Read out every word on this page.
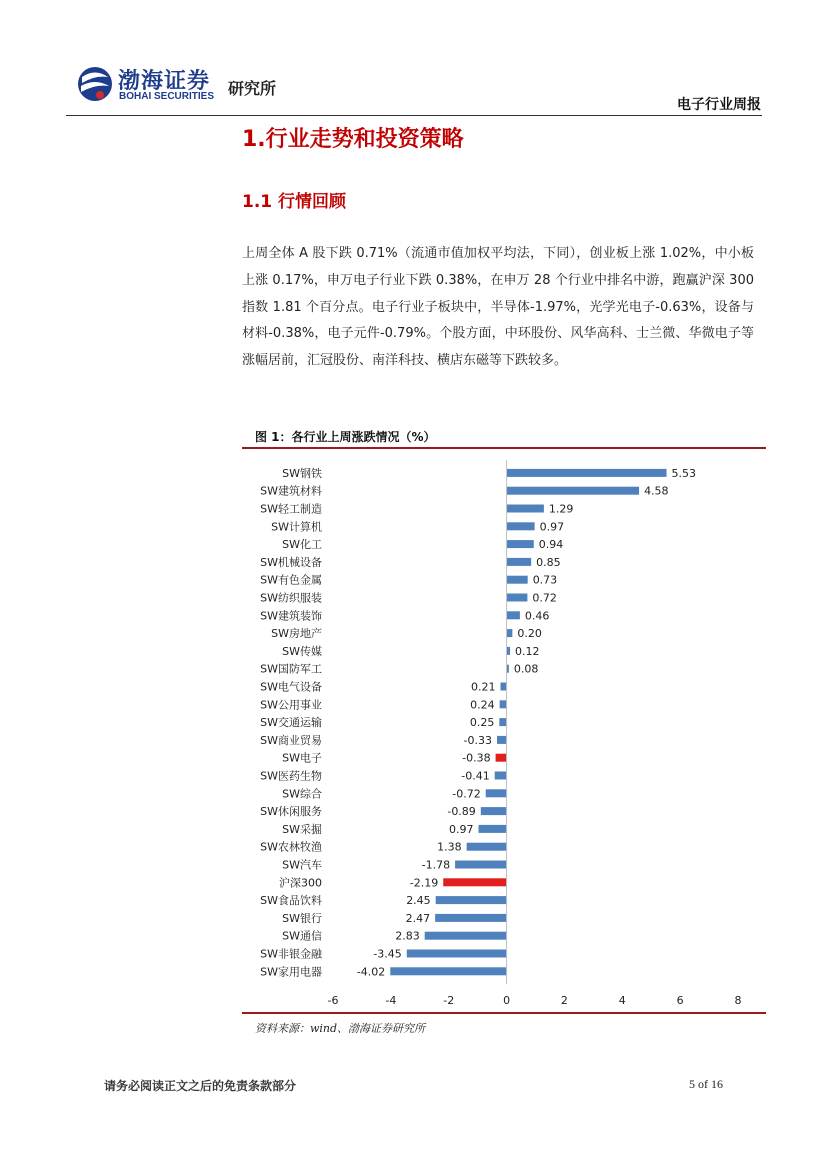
渤海证券
BOHAI SECURITIES 研究所
电子行业周报
1.行业走势和投资策略
1.1 行情回顾

上周全体 A 股下跌 0.71%（流通市值加权平均法，下同），创业板上涨 1.02%，中小板上涨 0.17%，申万电子行业下跌 0.38%，在申万 28 个行业中排名中游，跑赢沪深 300 指数 1.81 个百分点。电子行业子板块中，半导体-1.97%，光学光电子-0.63%，设备与材料-0.38%，电子元件-0.79%。个股方面，中环股份、风华高科、士兰微、华微电子等涨幅居前，汇冠股份、南洋科技、横店东磁等下跌较多。

图 1：各行业上周涨跌情况（%）
SW钢铁	5.53
SW建筑材料	4.58
SW轻工制造	1.29
SW计算机	0.97
SW化工	0.94
SW机械设备	0.85
SW有色金属	0.73
SW纺织服装	0.72
SW建筑装饰	0.46
SW房地产	0.20
SW传媒	0.12
SW国防军工	0.08
SW电气设备	0.21
SW公用事业	0.24
SW交通运输	0.25
SW商业贸易	-0.33
SW电子	-0.38
SW医药生物	-0.41
SW综合	-0.72
SW休闲服务	-0.89
SW采掘	0.97
SW农林牧渔	1.38
SW汽车	-1.78
沪深300	-2.19
SW食品饮料	2.45
SW银行	2.47
SW通信	2.83
SW非银金融	-3.45
SW家用电器	-4.02
-6	-4	-2	0	2	4	6	8
资料来源：wind、渤海证券研究所
请务必阅读正文之后的免责条款部分	5 of 16
